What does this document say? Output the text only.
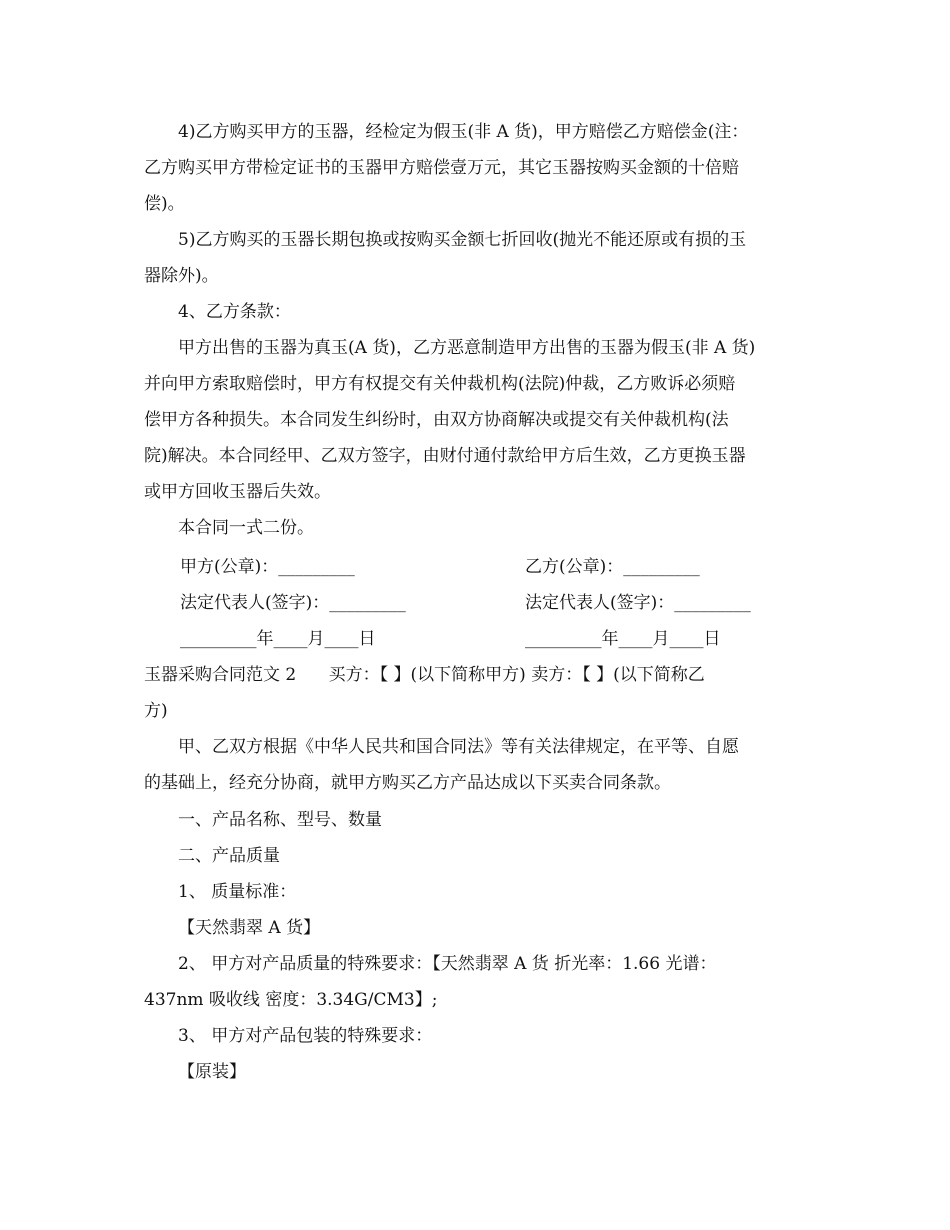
4)乙方购买甲方的玉器，经检定为假玉(非 A 货)，甲方赔偿乙方赔偿金(注：
乙方购买甲方带检定证书的玉器甲方赔偿壹万元，其它玉器按购买金额的十倍赔
偿)。
5)乙方购买的玉器长期包换或按购买金额七折回收(抛光不能还原或有损的玉
器除外)。
4、乙方条款：
甲方出售的玉器为真玉(A 货)，乙方恶意制造甲方出售的玉器为假玉(非 A 货)
并向甲方索取赔偿时，甲方有权提交有关仲裁机构(法院)仲裁，乙方败诉必须赔
偿甲方各种损失。本合同发生纠纷时，由双方协商解决或提交有关仲裁机构(法
院)解决。本合同经甲、乙双方签字，由财付通付款给甲方后生效，乙方更换玉器
或甲方回收玉器后失效。
本合同一式二份。
甲方(公章)：_________	乙方(公章)：_________
法定代表人(签字)：_________	法定代表人(签字)：_________
_________年____月____日	_________年____月____日
玉器采购合同范文 2      买方：【 】(以下简称甲方) 卖方：【 】(以下简称乙
方)
甲、乙双方根据《中华人民共和国合同法》等有关法律规定，在平等、自愿
的基础上，经充分协商，就甲方购买乙方产品达成以下买卖合同条款。
一、产品名称、型号、数量
二、产品质量
1、 质量标准：
【天然翡翠 A 货】
2、 甲方对产品质量的特殊要求：【天然翡翠 A 货 折光率：1.66 光谱：
437nm 吸收线 密度：3.34G/CM3】;
3、 甲方对产品包装的特殊要求：
【原装】
